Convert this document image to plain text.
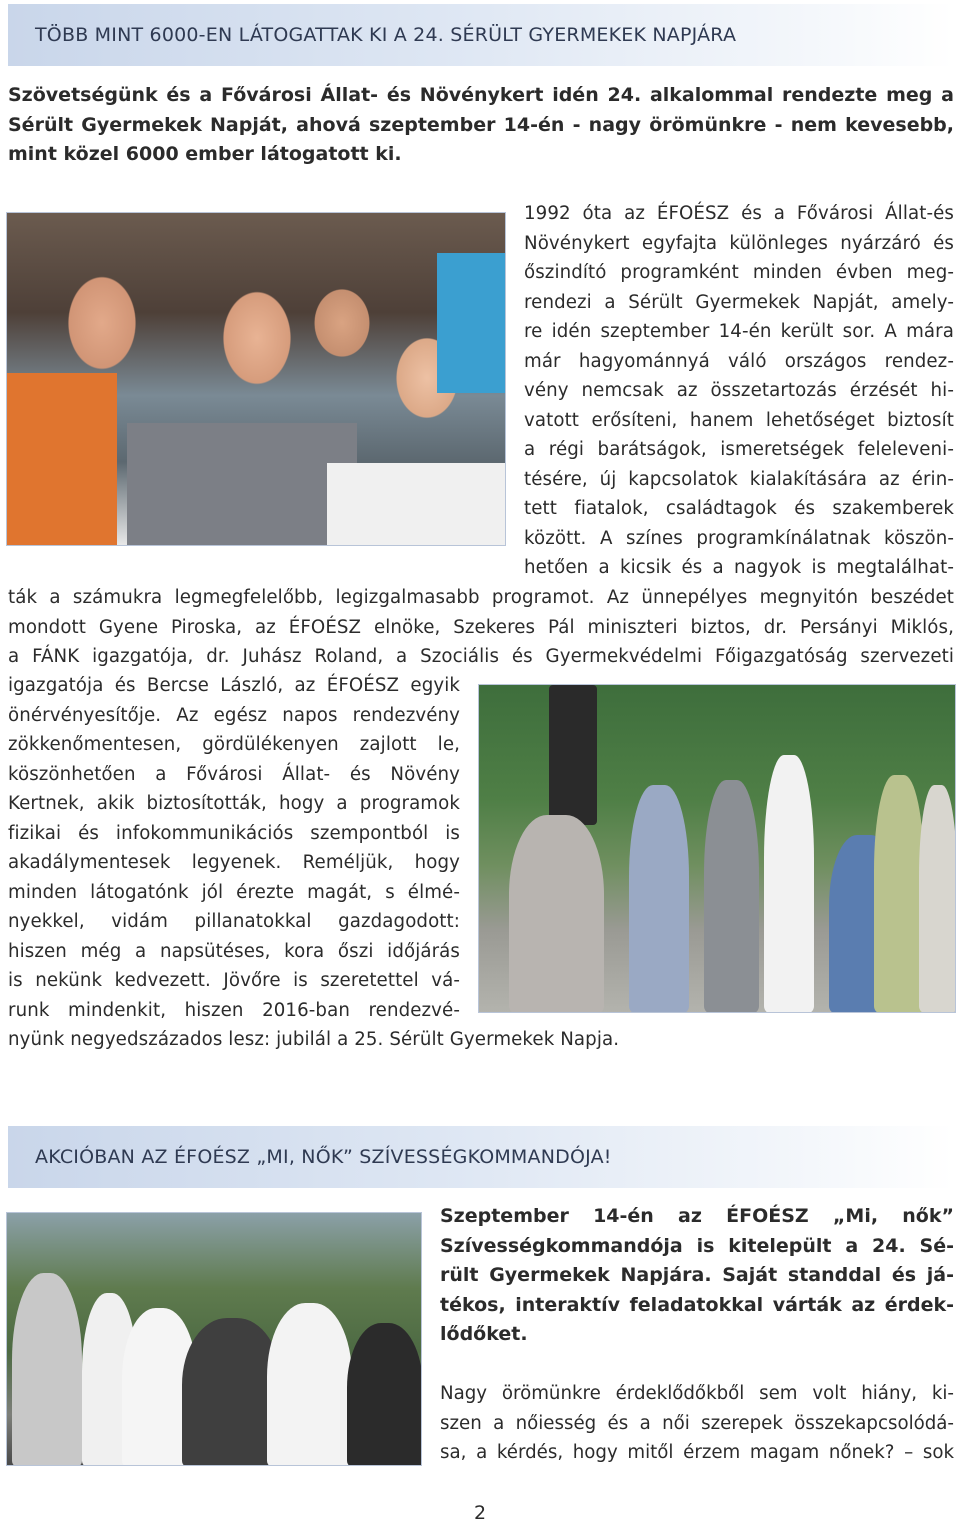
TÖBB MINT 6000-EN LÁTOGATTAK KI A 24. SÉRÜLT GYERMEKEK NAPJÁRA
Szövetségünk és a Fővárosi Állat- és Növénykert idén 24. alkalommal rendezte meg a
Sérült Gyermekek Napját, ahová szeptember 14-én - nagy örömünkre - nem kevesebb,
mint közel 6000 ember látogatott ki.
1992 óta az ÉFOÉSZ és a Fővárosi Állat-és
Növénykert egyfajta különleges nyárzáró és
őszindító programként minden évben meg-
rendezi a Sérült Gyermekek Napját, amely-
re idén szeptember 14-én került sor. A mára
már hagyománnyá váló országos rendez-
vény nemcsak az összetartozás érzését hi-
vatott erősíteni, hanem lehetőséget biztosít
a régi barátságok, ismeretségek feleleveni-
tésére, új kapcsolatok kialakítására az érin-
tett fiatalok, családtagok és szakemberek
között. A színes programkínálatnak köszön-
hetően a kicsik és a nagyok is megtalálhat-
ták a számukra legmegfelelőbb, legizgalmasabb programot. Az ünnepélyes megnyitón beszédet
mondott Gyene Piroska, az ÉFOÉSZ elnöke, Szekeres Pál miniszteri biztos, dr. Persányi Miklós,
a FÁNK igazgatója, dr. Juhász Roland, a Szociális és Gyermekvédelmi Főigazgatóság szervezeti
igazgatója és Bercse László, az ÉFOÉSZ egyik
önérvényesítője. Az egész napos rendezvény
zökkenőmentesen, gördülékenyen zajlott le,
köszönhetően a Fővárosi Állat- és Növény
Kertnek, akik biztosították, hogy a programok
fizikai és infokommunikációs szempontból is
akadálymentesek legyenek. Reméljük, hogy
minden látogatónk jól érezte magát, s élmé-
nyekkel, vidám pillanatokkal gazdagodott:
hiszen még a napsütéses, kora őszi időjárás
is nekünk kedvezett. Jövőre is szeretettel vá-
runk mindenkit, hiszen 2016-ban rendezvé-
nyünk negyedszázados lesz: jubilál a 25. Sérült Gyermekek Napja.
AKCIÓBAN AZ ÉFOÉSZ „MI, NŐK” SZÍVESSÉGKOMMANDÓJA!
Szeptember 14-én az ÉFOÉSZ „Mi, nők”
Szívességkommandója is kitelepült a 24. Sé-
rült Gyermekek Napjára. Saját standdal és já-
tékos, interaktív feladatokkal várták az érdek-
lődőket.
Nagy örömünkre érdeklődőkből sem volt hiány, ki-
szen a nőiesség és a női szerepek összekapcsolódá-
sa, a kérdés, hogy mitől érzem magam nőnek? – sok
2
